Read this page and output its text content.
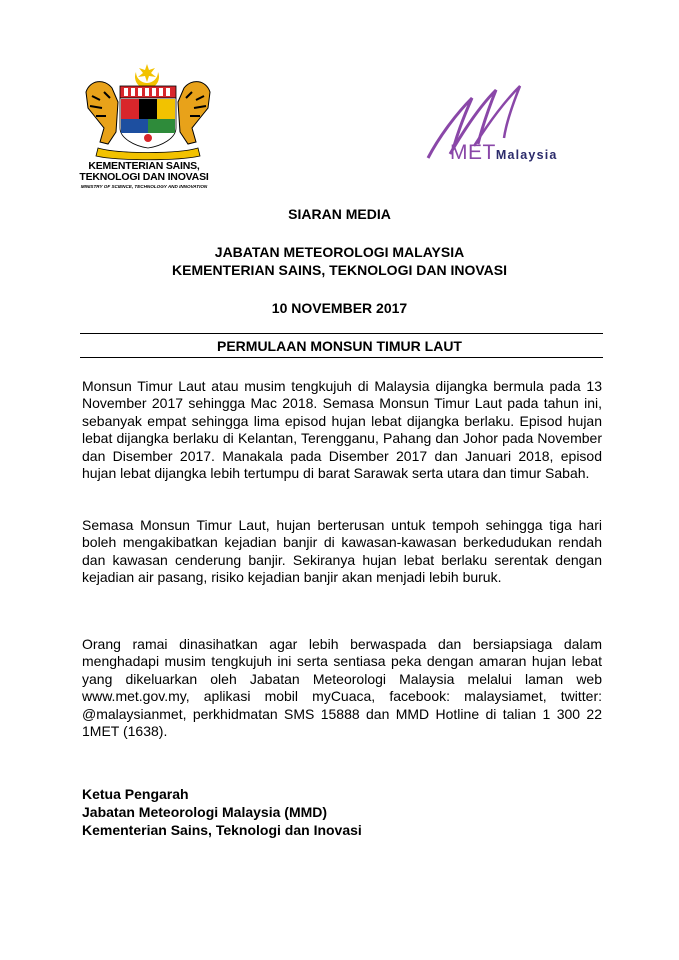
KEMENTERIAN SAINS,
TEKNOLOGI DAN INOVASI
MINISTRY OF SCIENCE, TECHNOLOGY AND INNOVATION
METMalaysia
SIARAN MEDIA
JABATAN METEOROLOGI MALAYSIA
KEMENTERIAN SAINS, TEKNOLOGI DAN INOVASI
10 NOVEMBER 2017
PERMULAAN MONSUN TIMUR LAUT
Monsun Timur Laut atau musim tengkujuh di Malaysia dijangka bermula pada 13 November 2017 sehingga Mac 2018. Semasa Monsun Timur Laut pada tahun ini, sebanyak empat sehingga lima episod hujan lebat dijangka berlaku. Episod hujan lebat dijangka berlaku di Kelantan, Terengganu, Pahang dan Johor pada November dan Disember 2017. Manakala pada Disember 2017 dan Januari 2018, episod hujan lebat dijangka lebih tertumpu di barat Sarawak serta utara dan timur Sabah.
Semasa Monsun Timur Laut, hujan berterusan untuk tempoh sehingga tiga hari boleh mengakibatkan kejadian banjir di kawasan-kawasan berkedudukan rendah dan kawasan cenderung banjir. Sekiranya hujan lebat berlaku serentak dengan kejadian air pasang, risiko kejadian banjir akan menjadi lebih buruk.
Orang ramai dinasihatkan agar lebih berwaspada dan bersiapsiaga dalam menghadapi musim tengkujuh ini serta sentiasa peka dengan amaran hujan lebat yang dikeluarkan oleh Jabatan Meteorologi Malaysia melalui laman web www.met.gov.my, aplikasi mobil myCuaca, facebook: malaysiamet, twitter: @malaysianmet, perkhidmatan SMS 15888 dan MMD Hotline di talian 1 300 22 1MET (1638).
Ketua Pengarah
Jabatan Meteorologi Malaysia (MMD)
Kementerian Sains, Teknologi dan Inovasi
